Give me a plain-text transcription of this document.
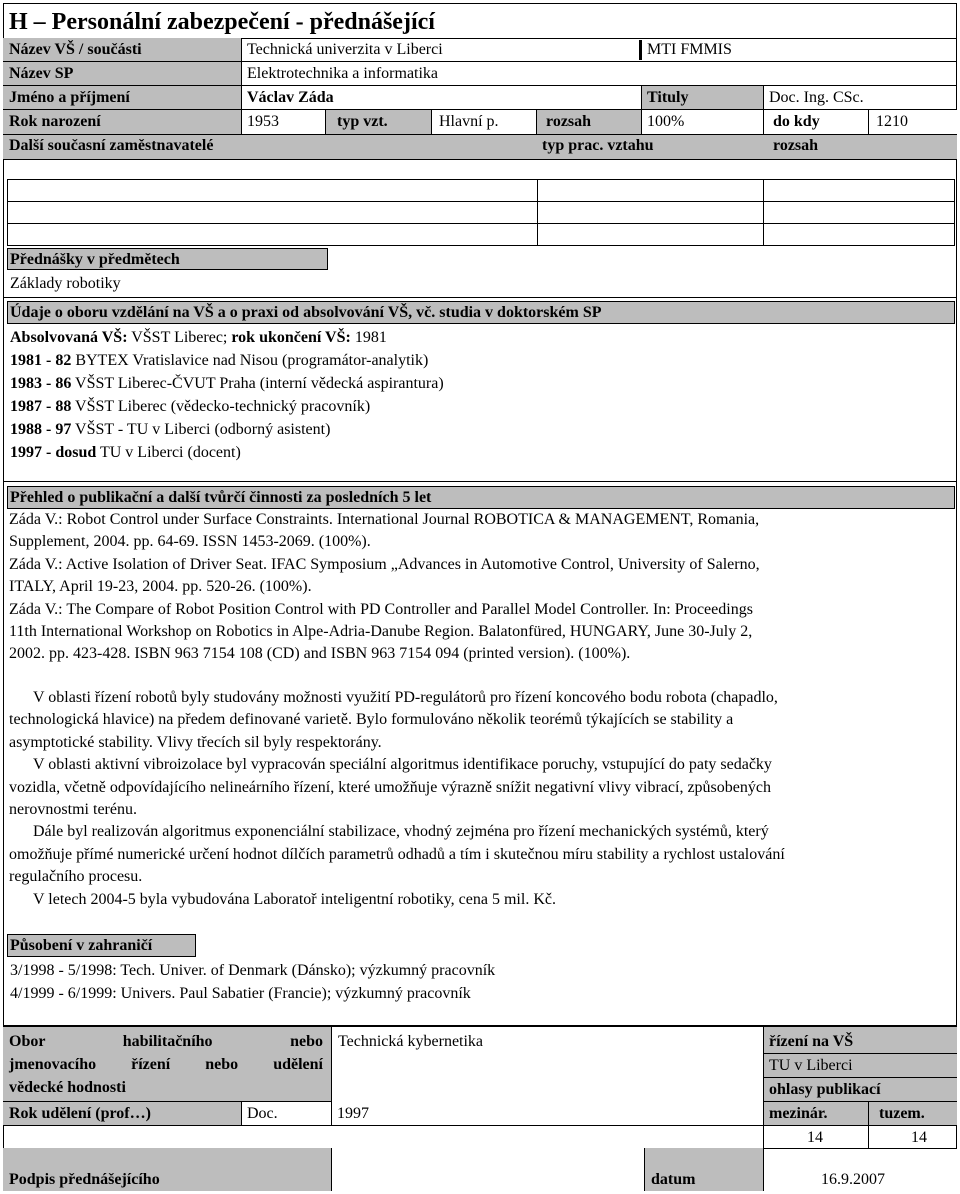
H – Personální zabezpečení - přednášející
Název VŠ / součásti	Technická univerzita v Liberci	MTI FMMIS
Název SP	Elektrotechnika a informatika
Jméno a příjmení	Václav Záda	Tituly	Doc. Ing. CSc.
Rok narození	1953	typ vzt.	Hlavní p.	rozsah	100%	do kdy	1210
Další současní zaměstnavatelé	typ prac. vztahu	rozsah
Přednášky v předmětech
Základy robotiky
Údaje o oboru vzdělání na VŠ a o praxi od absolvování VŠ, vč. studia v doktorském SP
Absolvovaná VŠ: VŠST Liberec; rok ukončení VŠ: 1981
1981 - 82 BYTEX Vratislavice nad Nisou (programátor-analytik)
1983 - 86 VŠST Liberec-ČVUT Praha (interní vědecká aspirantura)
1987 - 88 VŠST Liberec (vědecko-technický pracovník)
1988 - 97 VŠST - TU v Liberci (odborný asistent)
1997 - dosud TU v Liberci (docent)
Přehled o publikační a další tvůrčí činnosti za posledních 5 let

Záda V.: Robot Control under Surface Constraints. International Journal ROBOTICA & MANAGEMENT, Romania,

Supplement, 2004. pp. 64-69. ISSN 1453-2069. (100%).

Záda V.: Active Isolation of Driver Seat. IFAC Symposium „Advances in Automotive Control, University of Salerno,

ITALY, April 19-23, 2004. pp. 520-26. (100%).

Záda V.: The Compare of Robot Position Control with PD Controller and Parallel Model Controller. In: Proceedings

11th International Workshop on Robotics in Alpe-Adria-Danube Region. Balatonfüred, HUNGARY, June 30-July 2,

2002. pp. 423-428. ISBN 963 7154 108 (CD) and ISBN 963 7154 094 (printed version). (100%).

V oblasti řízení robotů byly studovány možnosti využití PD-regulátorů pro řízení koncového bodu robota (chapadlo,

technologická hlavice) na předem definované varietě. Bylo formulováno několik teorémů týkajících se stability a

asymptotické stability. Vlivy třecích sil byly respektorány.

V oblasti aktivní vibroizolace byl vypracován speciální algoritmus identifikace poruchy, vstupující do paty sedačky

vozidla, včetně odpovídajícího nelineárního řízení, které umožňuje výrazně snížit negativní vlivy vibrací, způsobených

nerovnostmi terénu.

Dále byl realizován algoritmus exponenciální stabilizace, vhodný zejména pro řízení mechanických systémů, který

omožňuje přímé numerické určení hodnot dílčích parametrů odhadů a tím i skutečnou míru stability a rychlost ustalování

regulačního procesu.

V letech 2004-5 byla vybudována Laboratoř inteligentní robotiky, cena 5 mil. Kč.

Působení v zahraničí
3/1998 - 5/1998: Tech. Univer. of Denmark (Dánsko); výzkumný pracovník
4/1999 - 6/1999: Univers. Paul Sabatier (Francie); výzkumný pracovník
Obor habilitačního nebo
jmenovacího řízení nebo udělení
vědecké hodnosti
Technická kybernetika	řízení na VŠ
TU v Liberci
ohlasy publikací
Rok udělení (prof…)	Doc.	1997	mezinár.	tuzem.
14	14
Podpis přednášejícího	datum	16.9.2007
